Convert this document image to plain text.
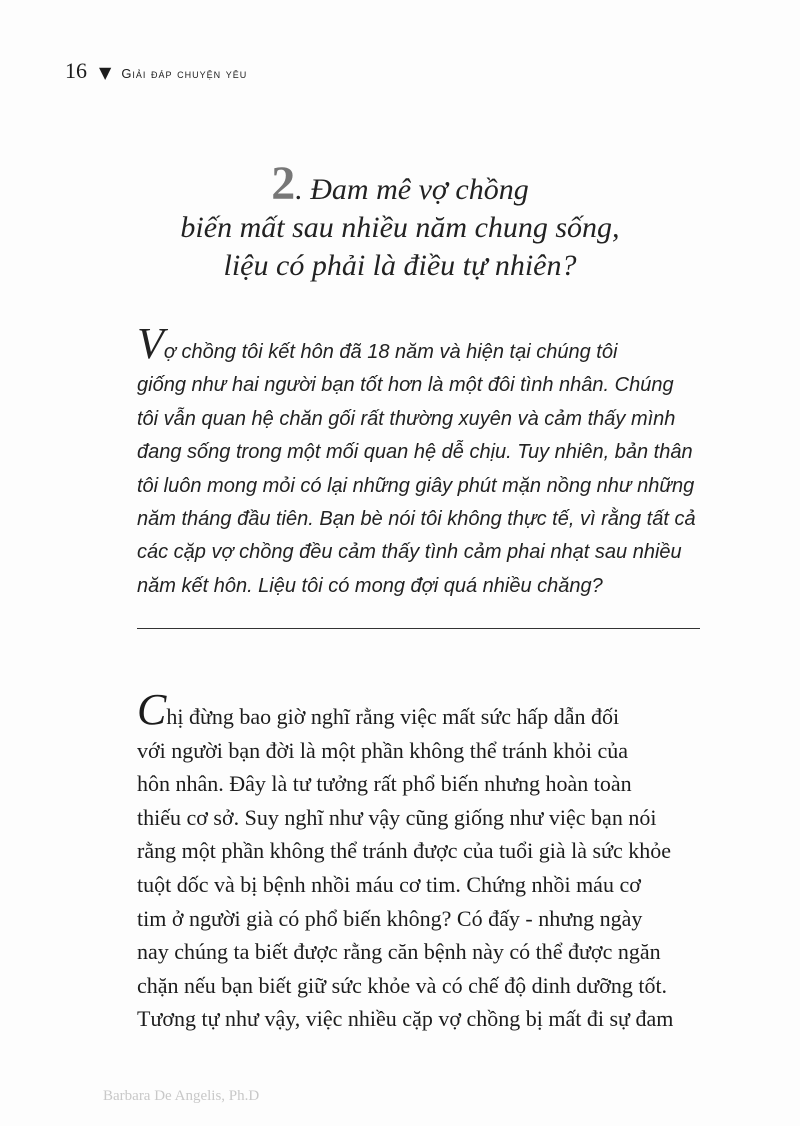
16 ▼ Giải đáp chuyện yêu
2. Đam mê vợ chồng
biến mất sau nhiều năm chung sống,
liệu có phải là điều tự nhiên?
Vợ chồng tôi kết hôn đã 18 năm và hiện tại chúng tôi
giống như hai người bạn tốt hơn là một đôi tình nhân. Chúng
tôi vẫn quan hệ chăn gối rất thường xuyên và cảm thấy mình
đang sống trong một mối quan hệ dễ chịu. Tuy nhiên, bản thân
tôi luôn mong mỏi có lại những giây phút mặn nồng như những
năm tháng đầu tiên. Bạn bè nói tôi không thực tế, vì rằng tất cả
các cặp vợ chồng đều cảm thấy tình cảm phai nhạt sau nhiều
năm kết hôn. Liệu tôi có mong đợi quá nhiều chăng?
Chị đừng bao giờ nghĩ rằng việc mất sức hấp dẫn đối
với người bạn đời là một phần không thể tránh khỏi của
hôn nhân. Đây là tư tưởng rất phổ biến nhưng hoàn toàn
thiếu cơ sở. Suy nghĩ như vậy cũng giống như việc bạn nói
rằng một phần không thể tránh được của tuổi già là sức khỏe
tuột dốc và bị bệnh nhồi máu cơ tim. Chứng nhồi máu cơ
tim ở người già có phổ biến không? Có đấy - nhưng ngày
nay chúng ta biết được rằng căn bệnh này có thể được ngăn
chặn nếu bạn biết giữ sức khỏe và có chế độ dinh dưỡng tốt.
Tương tự như vậy, việc nhiều cặp vợ chồng bị mất đi sự đam
Barbara De Angelis, Ph.D
